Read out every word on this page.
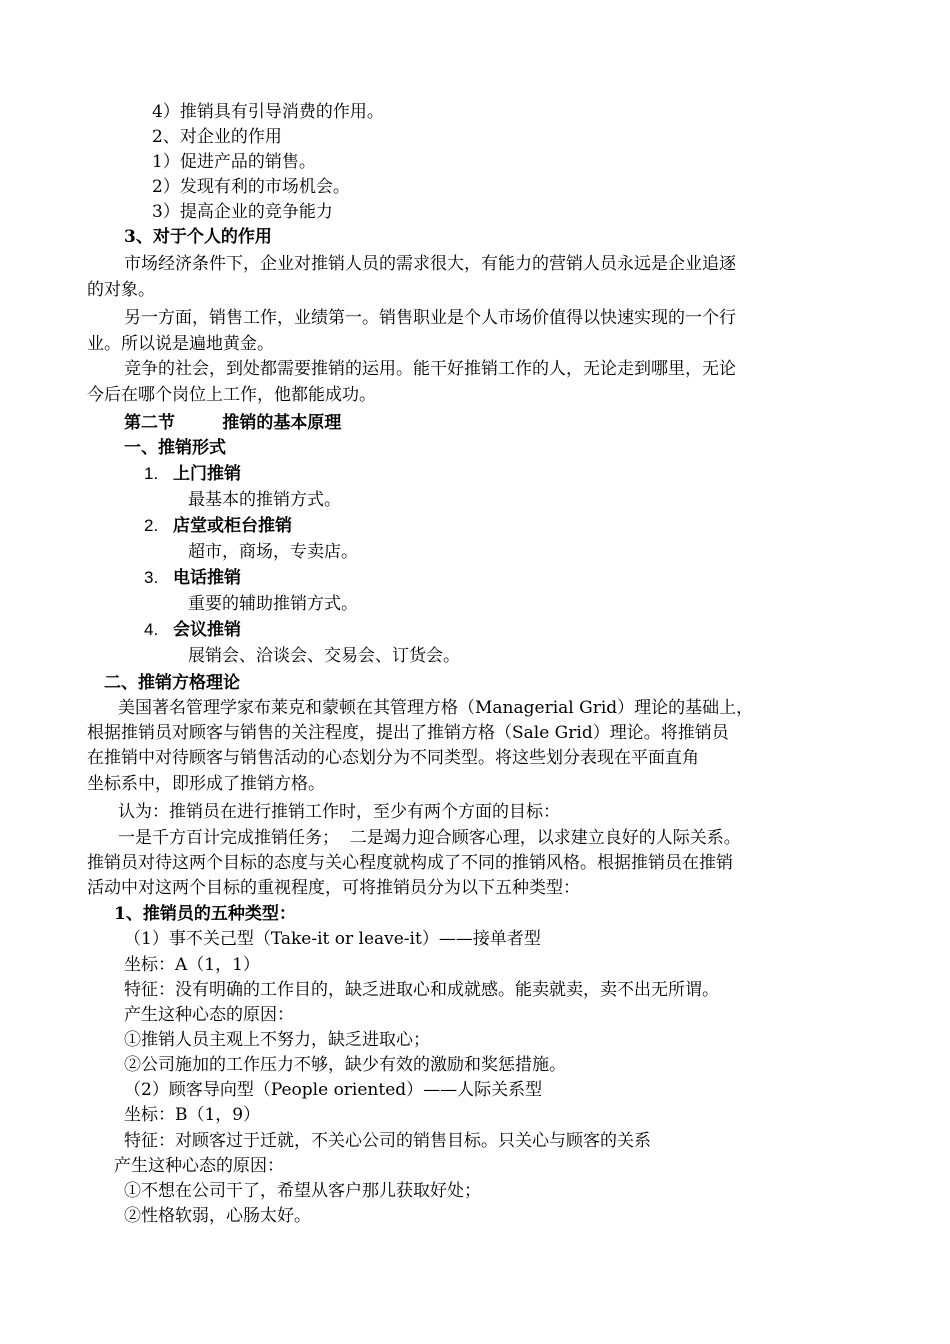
4）推销具有引导消费的作用。
2、对企业的作用
1）促进产品的销售。
2）发现有利的市场机会。
3）提高企业的竞争能力
3、对于个人的作用
市场经济条件下，企业对推销人员的需求很大，有能力的营销人员永远是企业追逐
的对象。
另一方面，销售工作，业绩第一。销售职业是个人市场价值得以快速实现的一个行
业。所以说是遍地黄金。
竞争的社会，到处都需要推销的运用。能干好推销工作的人，无论走到哪里，无论
今后在哪个岗位上工作，他都能成功。
第二节        推销的基本原理
一、推销形式
1. 上门推销
最基本的推销方式。
2. 店堂或柜台推销
超市，商场，专卖店。
3. 电话推销
重要的辅助推销方式。
4. 会议推销
展销会、洽谈会、交易会、订货会。
二、推销方格理论
美国著名管理学家布莱克和蒙顿在其管理方格（Managerial Grid）理论的基础上，
根据推销员对顾客与销售的关注程度，提出了推销方格（Sale Grid）理论。将推销员
在推销中对待顾客与销售活动的心态划分为不同类型。将这些划分表现在平面直角
坐标系中，即形成了推销方格。
认为：推销员在进行推销工作时，至少有两个方面的目标：
一是千方百计完成推销任务；  二是竭力迎合顾客心理，以求建立良好的人际关系。
推销员对待这两个目标的态度与关心程度就构成了不同的推销风格。根据推销员在推销
活动中对这两个目标的重视程度，可将推销员分为以下五种类型：
1、推销员的五种类型：
（1）事不关己型（Take-it or leave-it）——接单者型
坐标：A（1，1）
特征：没有明确的工作目的，缺乏进取心和成就感。能卖就卖，卖不出无所谓。
产生这种心态的原因：
①推销人员主观上不努力，缺乏进取心；
②公司施加的工作压力不够，缺少有效的激励和奖惩措施。
（2）顾客导向型（People oriented）——人际关系型
坐标：B（1，9）
特征：对顾客过于迁就，不关心公司的销售目标。只关心与顾客的关系
产生这种心态的原因：
①不想在公司干了，希望从客户那儿获取好处；
②性格软弱，心肠太好。
